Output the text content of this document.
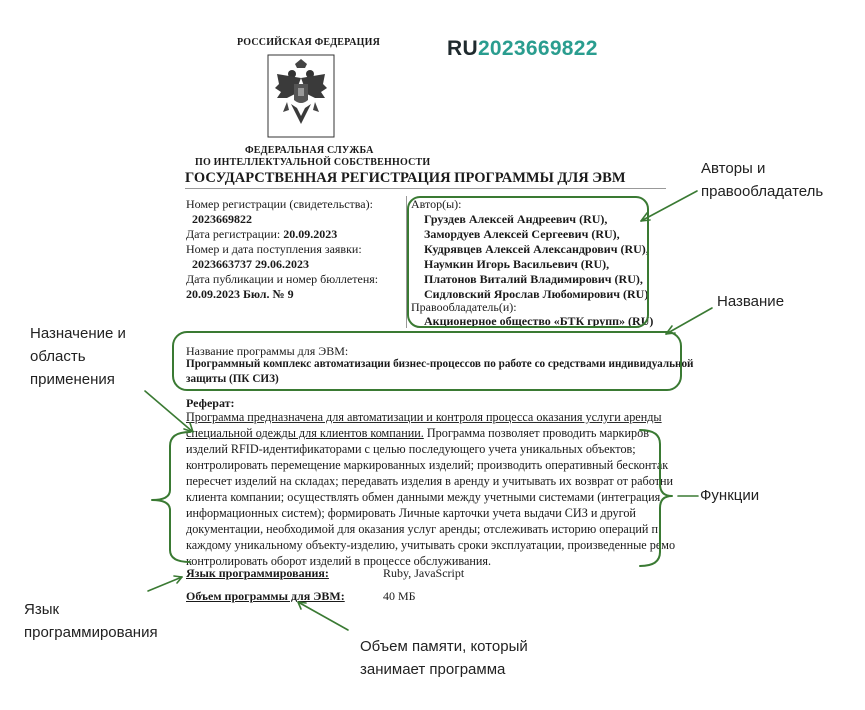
РОССИЙСКАЯ ФЕДЕРАЦИЯ	RU2023669822
ФЕДЕРАЛЬНАЯ СЛУЖБА
ПО ИНТЕЛЛЕКТУАЛЬНОЙ СОБСТВЕННОСТИ
ГОСУДАРСТВЕННАЯ РЕГИСТРАЦИЯ ПРОГРАММЫ ДЛЯ ЭВМ
Номер регистрации (свидетельства):
2023669822
Дата регистрации: 20.09.2023
Номер и дата поступления заявки:
2023663737 29.06.2023
Дата публикации и номер бюллетеня:
20.09.2023 Бюл. № 9
Автор(ы):
Груздев Алексей Андреевич (RU),
Замордуев Алексей Сергеевич (RU),
Кудрявцев Алексей Александрович (RU),
Наумкин Игорь Васильевич (RU),
Платонов Виталий Владимирович (RU),
Сидловский Ярослав Любомирович (RU)
Правообладатель(и):
Акционерное общество «БТК групп» (RU)
Название программы для ЭВМ:
Программный комплекс автоматизации бизнес-процессов по работе со средствами индивидуальной
защиты (ПК СИЗ)
Реферат:
Программа предназначена для автоматизации и контроля процесса оказания услуги аренды
специальной одежды для клиентов компании. Программа позволяет проводить маркиров
изделий RFID-идентификаторами с целью последующего учета уникальных объектов;
контролировать перемещение маркированных изделий; производить оперативный бесконтак
пересчет изделий на складах; передавать изделия в аренду и учитывать их возврат от работни
клиента компании; осуществлять обмен данными между учетными системами (интеграция
информационных систем); формировать Личные карточки учета выдачи СИЗ и другой
документации, необходимой для оказания услуг аренды; отслеживать историю операций п
каждому уникальному объекту-изделию, учитывать сроки эксплуатации, произведенные ремо
контролировать оборот изделий в процессе обслуживания.
Язык программирования:	Ruby, JavaScript
Объем программы для ЭВМ:	40 МБ
Авторы и
правообладатель
Название
Назначение и
область
применения
Функции
Язык
программирования
Объем памяти, который
занимает программа
